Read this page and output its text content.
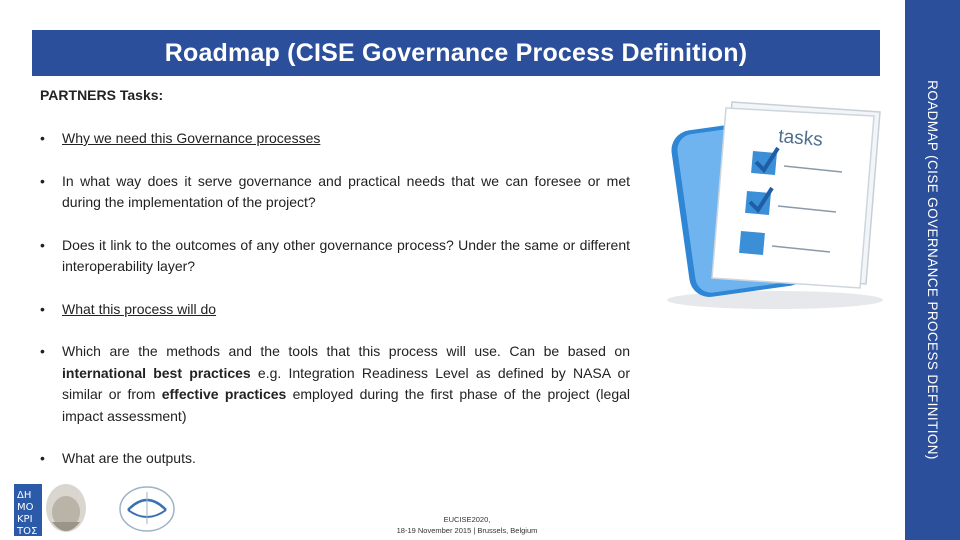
Roadmap (CISE Governance Process Definition)
ROADMAP (CISE GOVERNANCE PROCESS DEFINITION)
PARTNERS Tasks:
• Why we need this Governance processes
• In what way does it serve governance and practical needs that we can foresee or met during the implementation of the project?
• Does it link to the outcomes of any other governance process? Under the same or different interoperability layer?
• What this process will do
• Which are the methods and the tools that this process will use. Can be based on international best practices e.g. Integration Readiness Level as defined by NASA or similar or from effective practices employed during the first phase of the project (legal impact assessment)
• What are the outputs.
tasks
ΔΗ
ΜΟ
ΚΡΙ
ΤΟΣ
EUCISE2020,
18-19 November 2015 | Brussels, Belgium
